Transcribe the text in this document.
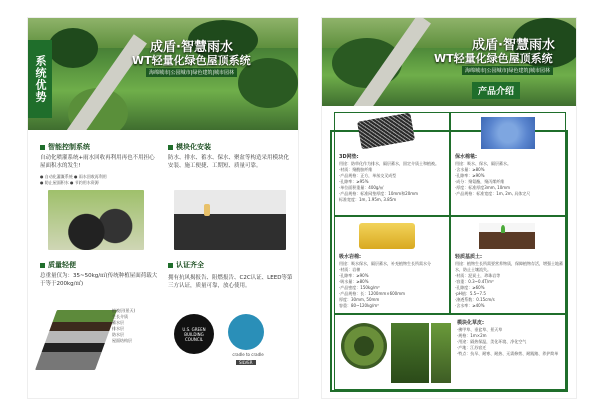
成盾·智慧雨水
WT轻量化绿色屋顶系统
海绵城市|公园城市|绿色建筑|城市园林
系统优势
智能控制系统
自动化喷灌系统+雨水回收再利用再也不用担心屋面积水的发生!
● 自动化灌溉系统 ● 雨水回收再利用
● 防止屋面积水 ● 节约用水资源
模块化安装
防水、排水、蓄水、保水、聚盆等构造采用模块化安装、施工便捷、工期短、质量可靠。
质量轻便
总重量仅为：35~50kg/㎡(传统种植屋面荷载大于等于200kg/㎡)
植被层(景天)
生长介质
蓄水层
排水层
防水层
屋面结构层
认证齐全
拥有抗风揭报告、阻燃报告、C2C认证、LEED等第三方认证，质量可靠，放心使用。
U.S. GREEN BUILDING COUNCIL
cradle to cradle
SILVER
成盾·智慧雨水
WT轻量化绿色屋顶系统
海绵城市|公园城市|绿色建筑|城市园林
产品介绍
3D网垫:
用途：防草化作为排水，隔层蓄水，固定介质土和植被。
·材质：聚酰胺纤维
·产品规格：正方，单丝交叉成型
·孔隙率：≥95%
·单位面积重量：400g/㎡
·产品规格：标准网垫厚度：10mm和20mm
标准宽度：1m, 1.95m, 3.85m
保水棉毯:
用途：吸水、保水，隔层蓄水。
·含水量：≥80%
·孔隙率：≥90%
·成分：聚氨酯，聚丙烯纤维
·厚度：标准厚度3mm, 10mm
·产品规格：标准宽度：1m, 2m, 具体定尺
吸水岩棉:
用途：吸水保水，隔层蓄水，补充植物生长所需水分
·材质：岩棉
·孔隙率：≥90%
·吸水量：≥80%
·产品密度：150kg/m³
·产品规格：长：1200mm×600mm
厚度：30mm, 50mm
容重：80~120kg/m³
轻质基质土:
用途：植物生长所需要营养物质，保障植物存活，增强土地蓄水，防止土壤流失。
·材质：泥炭土，珍珠岩等
·容重：0.3~0.4T/m³
·孔隙度：≥60%
·pH值：5.5~7.5
·渗透系数：0.15cm/s
·含水率：≥40%
模块化草皮:
·佛甲草、垂盆草、景天草
·规格：1m×2m
·用途：隔热保温，美化环境、净化空气
·产地：江苏宿迁
·特点：抗旱、耐寒、耐热、无需修剪、耐践踏、养护简单
